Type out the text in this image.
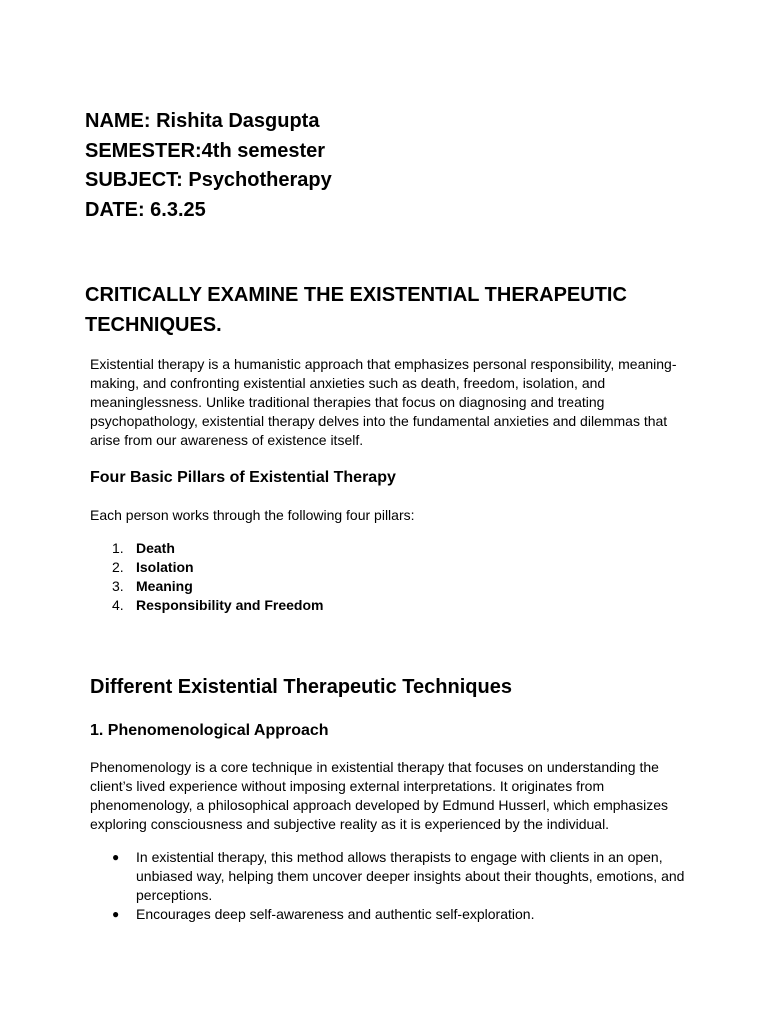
NAME: Rishita Dasgupta
SEMESTER:4th semester
SUBJECT: Psychotherapy
DATE: 6.3.25
CRITICALLY EXAMINE THE EXISTENTIAL THERAPEUTIC
TECHNIQUES.
Existential therapy is a humanistic approach that emphasizes personal responsibility, meaning-making, and confronting existential anxieties such as death, freedom, isolation, and meaninglessness. Unlike traditional therapies that focus on diagnosing and treating psychopathology, existential therapy delves into the fundamental anxieties and dilemmas that arise from our awareness of existence itself.
Four Basic Pillars of Existential Therapy
Each person works through the following four pillars:
1. Death
2. Isolation
3. Meaning
4. Responsibility and Freedom
Different Existential Therapeutic Techniques
1. Phenomenological Approach
Phenomenology is a core technique in existential therapy that focuses on understanding the client’s lived experience without imposing external interpretations. It originates from phenomenology, a philosophical approach developed by Edmund Husserl, which emphasizes exploring consciousness and subjective reality as it is experienced by the individual.
● In existential therapy, this method allows therapists to engage with clients in an open, unbiased way, helping them uncover deeper insights about their thoughts, emotions, and perceptions.
● Encourages deep self-awareness and authentic self-exploration.
